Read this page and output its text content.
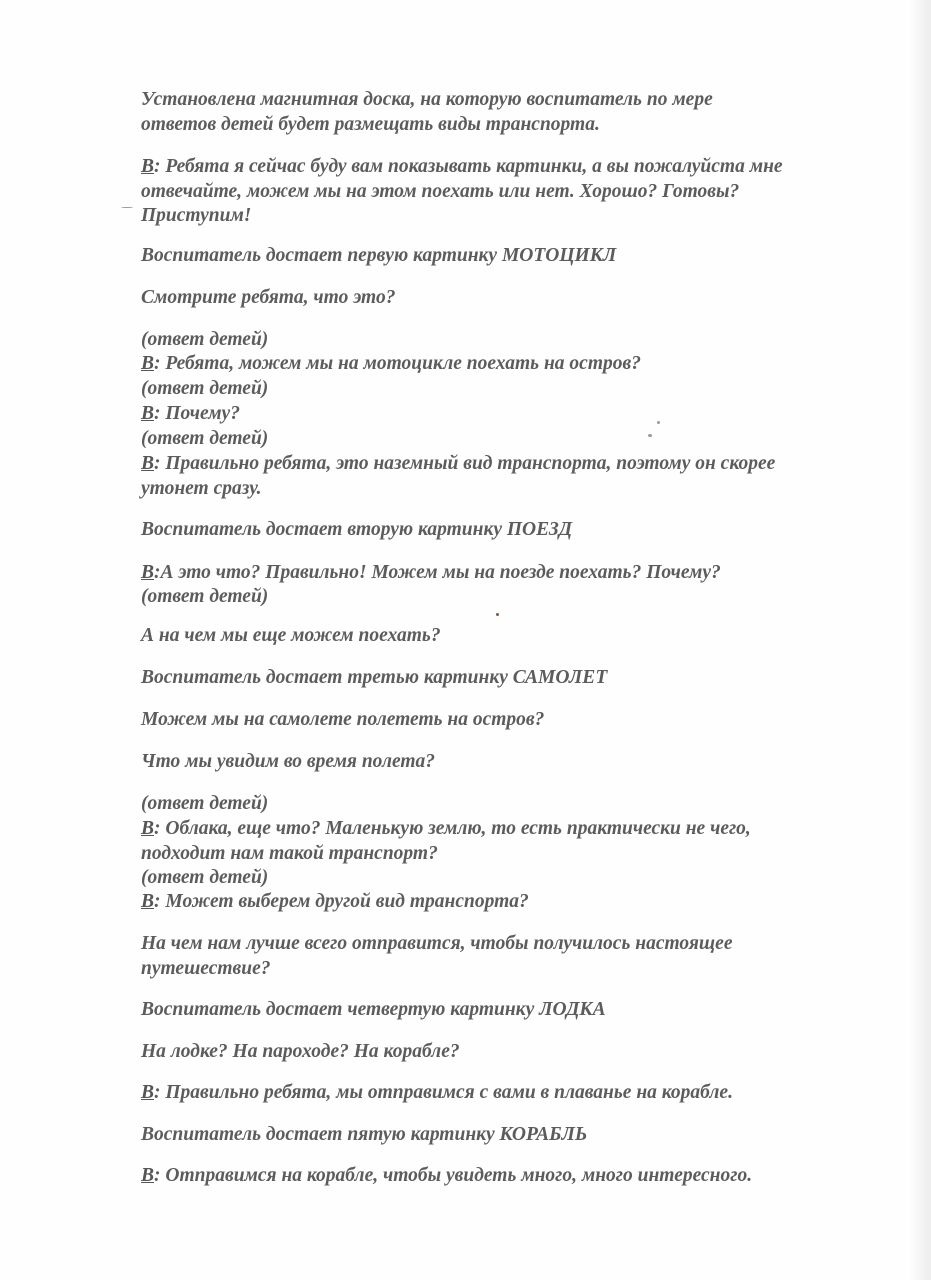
Установлена магнитная доска, на которую воспитатель по мере
ответов детей будет размещать виды транспорта.
В: Ребята я сейчас буду вам показывать картинки, а вы пожалуйста мне
отвечайте, можем мы на этом поехать или нет. Хорошо? Готовы?
Приступим!
Воспитатель достает первую картинку МОТОЦИКЛ
Смотрите ребята, что это?
(ответ детей)
В: Ребята, можем мы на мотоцикле поехать на остров?
(ответ детей)
В: Почему?
(ответ детей)
В: Правильно ребята, это наземный вид транспорта, поэтому он скорее
утонет сразу.
Воспитатель достает вторую картинку ПОЕЗД
В:А это что? Правильно! Можем мы на поезде поехать? Почему?
(ответ детей)
А на чем мы еще можем поехать?
Воспитатель достает третью картинку САМОЛЕТ
Можем мы на самолете полететь на остров?
Что мы увидим во время полета?
(ответ детей)
В: Облака, еще что? Маленькую землю, то есть практически не чего,
подходит нам такой транспорт?
(ответ детей)
В: Может выберем другой вид транспорта?
На чем нам лучше всего отправится, чтобы получилось настоящее
путешествие?
Воспитатель достает четвертую картинку ЛОДКА
На лодке? На пароходе? На корабле?
В: Правильно ребята, мы отправимся с вами в плаванье на корабле.
Воспитатель достает пятую картинку КОРАБЛЬ
В: Отправимся на корабле, чтобы увидеть много, много интересного.
